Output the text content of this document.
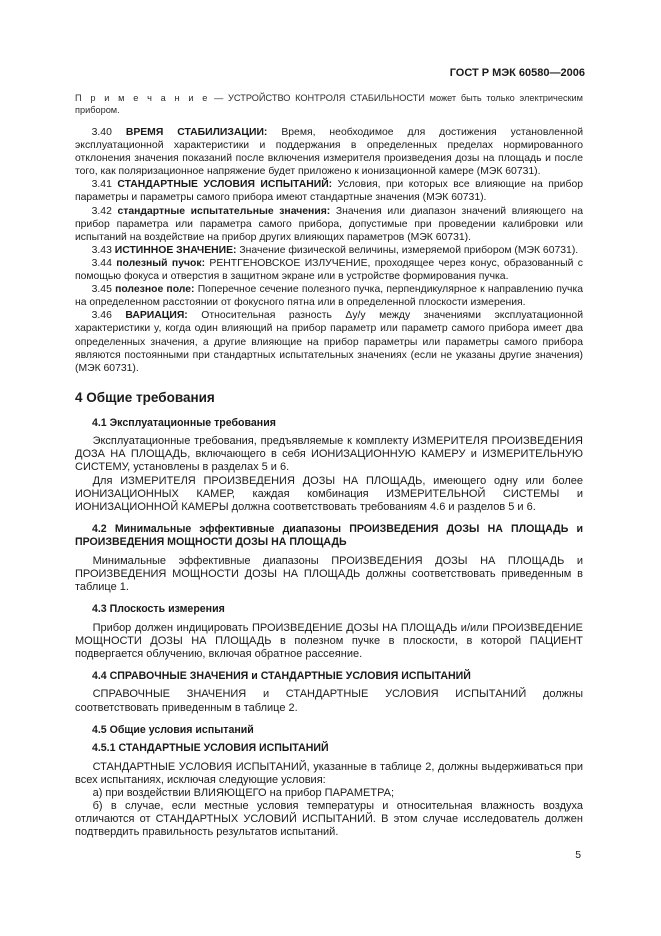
ГОСТ Р МЭК 60580—2006

П р и м е ч а н и е — УСТРОЙСТВО КОНТРОЛЯ СТАБИЛЬНОСТИ может быть только электрическим прибором.

3.40 ВРЕМЯ СТАБИЛИЗАЦИИ: Время, необходимое для достижения установленной эксплуатационной характеристики и поддержания в определенных пределах нормированного отклонения значения показаний после включения измерителя произведения дозы на площадь и после того, как поляризационное напряжение будет приложено к ионизационной камере (МЭК 60731).

3.41 СТАНДАРТНЫЕ УСЛОВИЯ ИСПЫТАНИЙ: Условия, при которых все влияющие на прибор параметры и параметры самого прибора имеют стандартные значения (МЭК 60731).

3.42 стандартные испытательные значения: Значения или диапазон значений влияющего на прибор параметра или параметра самого прибора, допустимые при проведении калибровки или испытаний на воздействие на прибор других влияющих параметров (МЭК 60731).

3.43 ИСТИННОЕ ЗНАЧЕНИЕ: Значение физической величины, измеряемой прибором (МЭК 60731).

3.44 полезный пучок: РЕНТГЕНОВСКОЕ ИЗЛУЧЕНИЕ, проходящее через конус, образованный с помощью фокуса и отверстия в защитном экране или в устройстве формирования пучка.

3.45 полезное поле: Поперечное сечение полезного пучка, перпендикулярное к направлению пучка на определенном расстоянии от фокусного пятна или в определенной плоскости измерения.

3.46 ВАРИАЦИЯ: Относительная разность Δy/y между значениями эксплуатационной характеристики y, когда один влияющий на прибор параметр или параметр самого прибора имеет два определенных значения, а другие влияющие на прибор параметры или параметры самого прибора являются постоянными при стандартных испытательных значениях (если не указаны другие значения) (МЭК 60731).

4 Общие требования
4.1 Эксплуатационные требования

Эксплуатационные требования, предъявляемые к комплекту ИЗМЕРИТЕЛЯ ПРОИЗВЕДЕНИЯ ДОЗА НА ПЛОЩАДЬ, включающего в себя ИОНИЗАЦИОННУЮ КАМЕРУ и ИЗМЕРИТЕЛЬНУЮ СИСТЕМУ, установлены в разделах 5 и 6.

Для ИЗМЕРИТЕЛЯ ПРОИЗВЕДЕНИЯ ДОЗЫ НА ПЛОЩАДЬ, имеющего одну или более ИОНИЗАЦИОННЫХ КАМЕР, каждая комбинация ИЗМЕРИТЕЛЬНОЙ СИСТЕМЫ и ИОНИЗАЦИОННОЙ КАМЕРЫ должна соответствовать требованиям 4.6 и разделов 5 и 6.

4.2 Минимальные эффективные диапазоны ПРОИЗВЕДЕНИЯ ДОЗЫ НА ПЛОЩАДЬ и ПРОИЗВЕДЕНИЯ МОЩНОСТИ ДОЗЫ НА ПЛОЩАДЬ

Минимальные эффективные диапазоны ПРОИЗВЕДЕНИЯ ДОЗЫ НА ПЛОЩАДЬ и ПРОИЗВЕДЕНИЯ МОЩНОСТИ ДОЗЫ НА ПЛОЩАДЬ должны соответствовать приведенным в таблице 1.

4.3 Плоскость измерения

Прибор должен индицировать ПРОИЗВЕДЕНИЕ ДОЗЫ НА ПЛОЩАДЬ и/или ПРОИЗВЕДЕНИЕ МОЩНОСТИ ДОЗЫ НА ПЛОЩАДЬ в полезном пучке в плоскости, в которой ПАЦИЕНТ подвергается облучению, включая обратное рассеяние.

4.4 СПРАВОЧНЫЕ ЗНАЧЕНИЯ и СТАНДАРТНЫЕ УСЛОВИЯ ИСПЫТАНИЙ

СПРАВОЧНЫЕ ЗНАЧЕНИЯ и СТАНДАРТНЫЕ УСЛОВИЯ ИСПЫТАНИЙ должны соответствовать приведенным в таблице 2.

4.5 Общие условия испытаний
4.5.1 СТАНДАРТНЫЕ УСЛОВИЯ ИСПЫТАНИЙ

СТАНДАРТНЫЕ УСЛОВИЯ ИСПЫТАНИЙ, указанные в таблице 2, должны выдерживаться при всех испытаниях, исключая следующие условия:

а) при воздействии ВЛИЯЮЩЕГО на прибор ПАРАМЕТРА;

б) в случае, если местные условия температуры и относительная влажность воздуха отличаются от СТАНДАРТНЫХ УСЛОВИЙ ИСПЫТАНИЙ. В этом случае исследователь должен подтвердить правильность результатов испытаний.

5
